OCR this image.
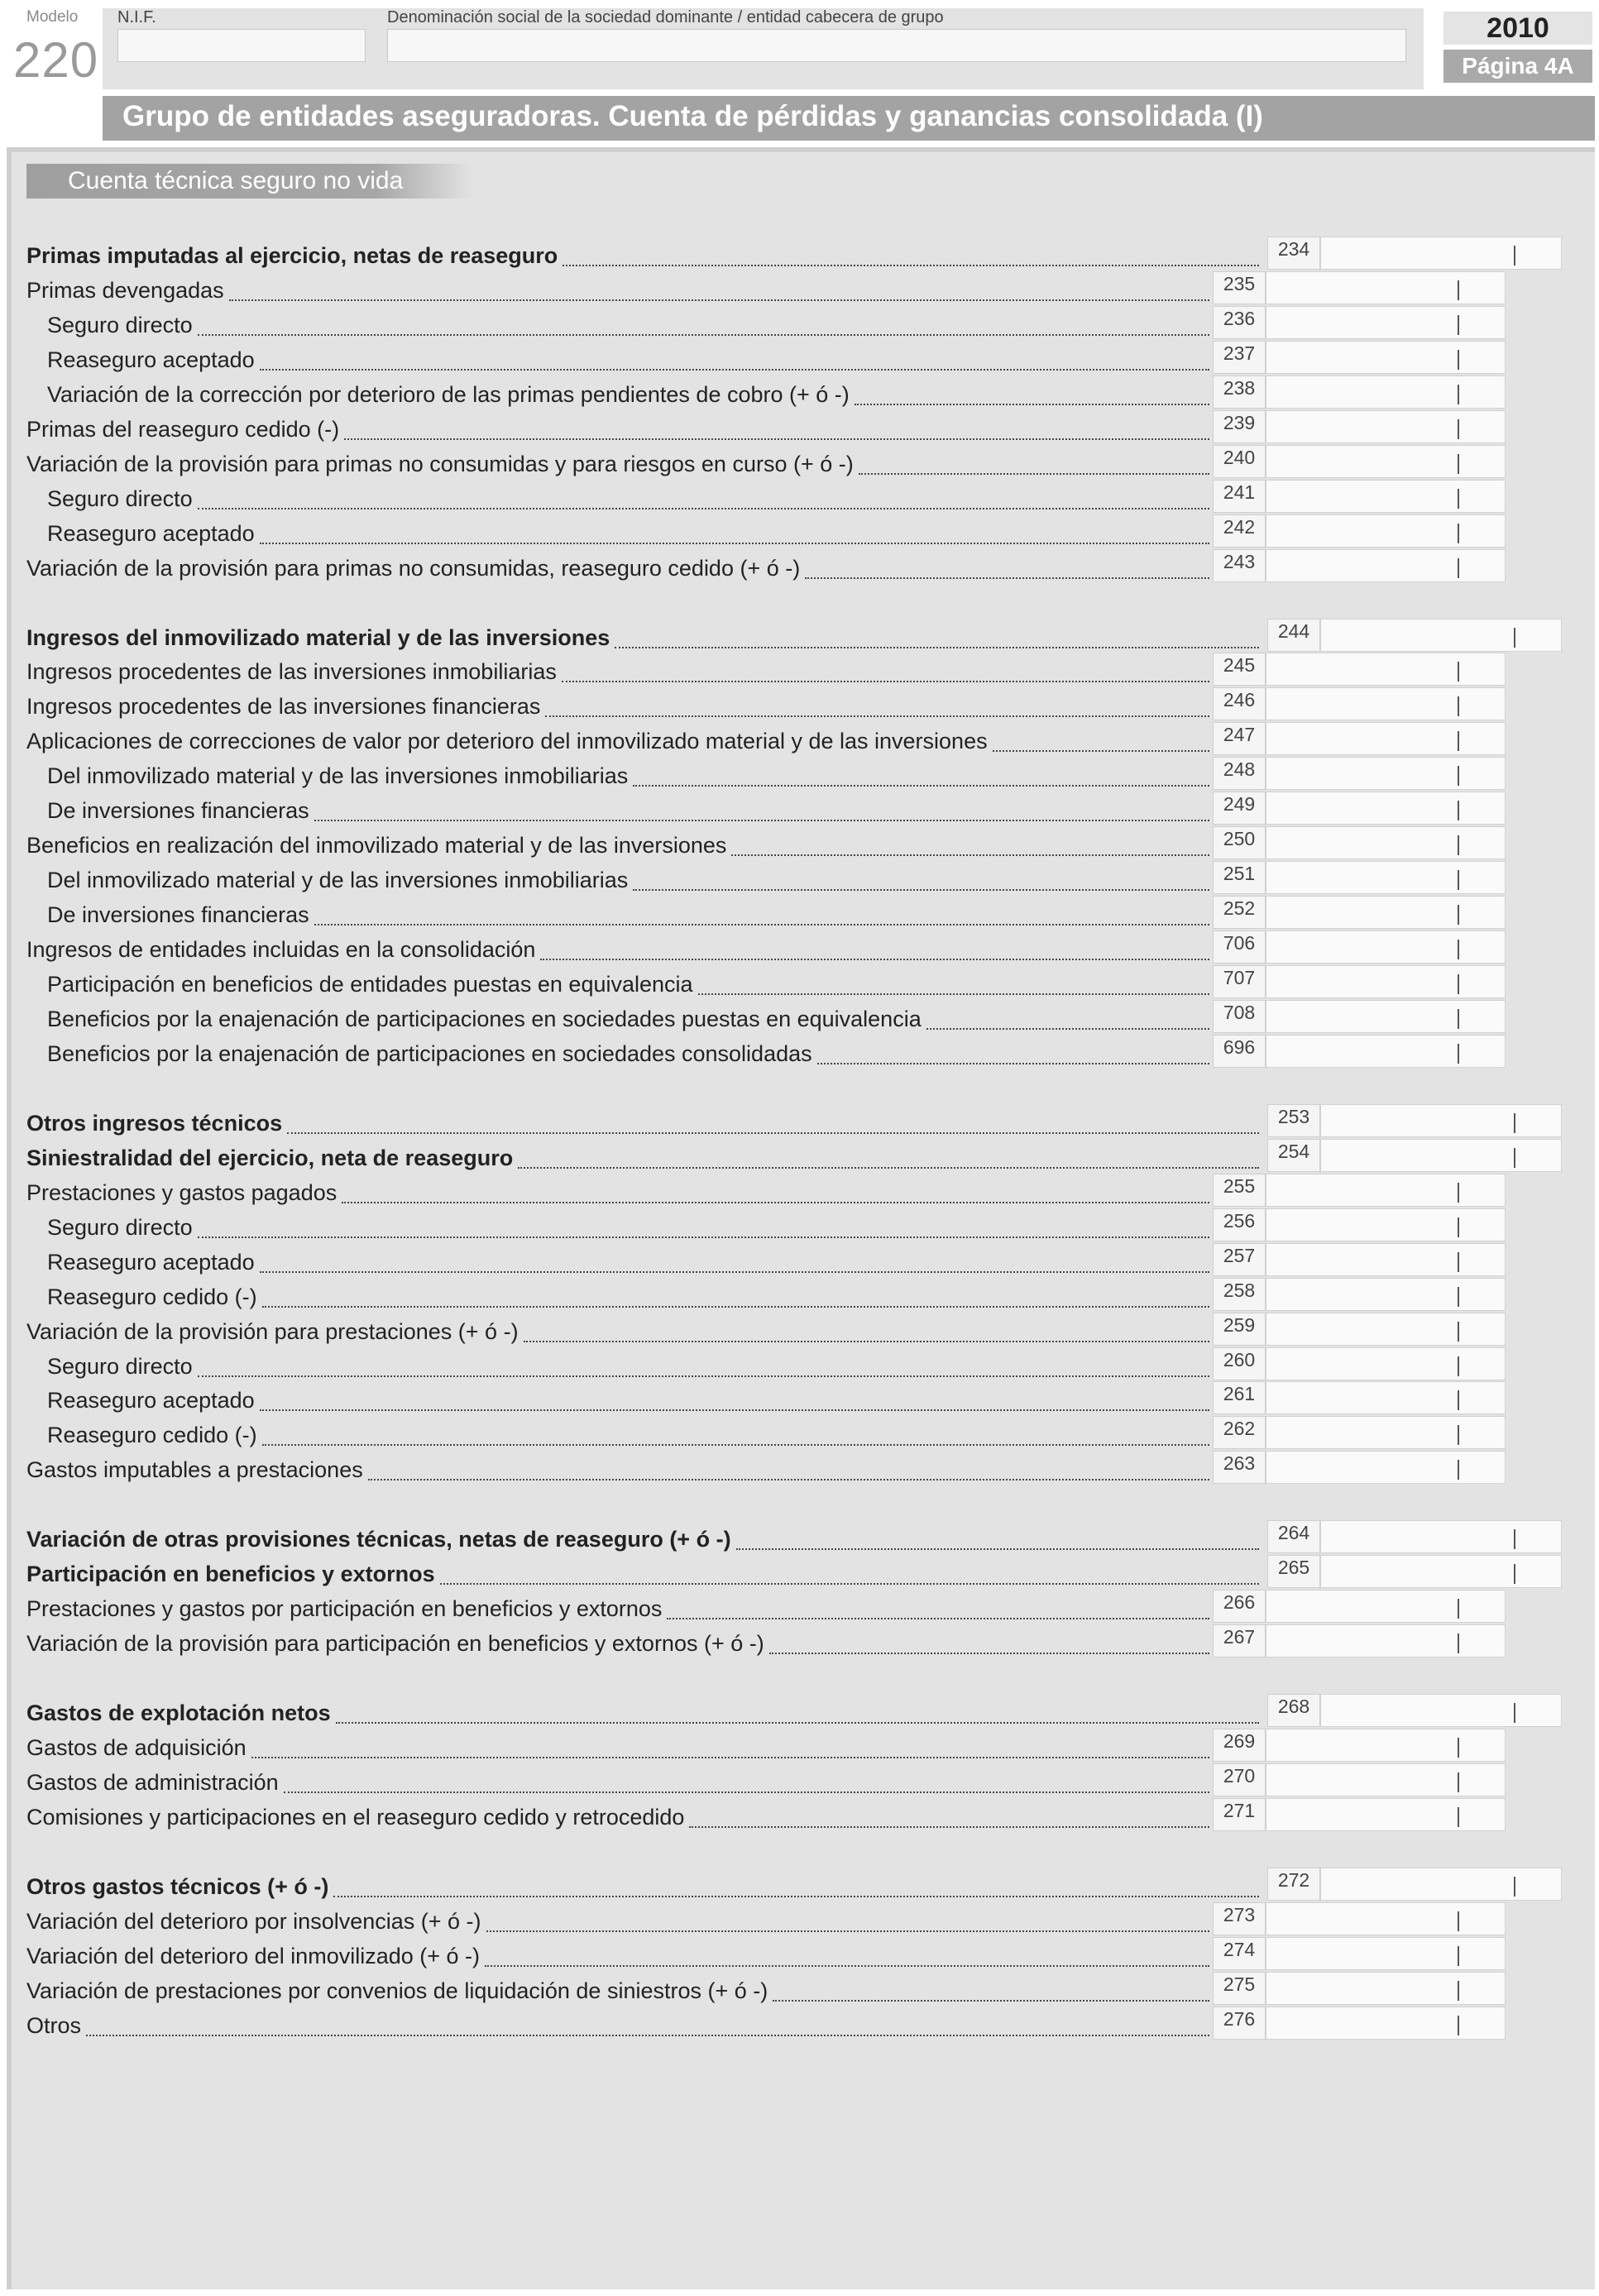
Modelo
220
N.I.F.	Denominación social de la sociedad dominante / entidad cabecera de grupo	2010
Página 4A
Grupo de entidades aseguradoras. Cuenta de pérdidas y ganancias consolidada (I)
Cuenta técnica seguro no vida
Primas imputadas al ejercicio, netas de reaseguro	234
Primas devengadas	235
Seguro directo	236
Reaseguro aceptado	237
Variación de la corrección por deterioro de las primas pendientes de cobro (+ ó -)	238
Primas del reaseguro cedido (-)	239
Variación de la provisión para primas no consumidas y para riesgos en curso (+ ó -)	240
Seguro directo	241
Reaseguro aceptado	242
Variación de la provisión para primas no consumidas, reaseguro cedido (+ ó -)	243
Ingresos del inmovilizado material y de las inversiones	244
Ingresos procedentes de las inversiones inmobiliarias	245
Ingresos procedentes de las inversiones financieras	246
Aplicaciones de correcciones de valor por deterioro del inmovilizado material y de las inversiones	247
Del inmovilizado material y de las inversiones inmobiliarias	248
De inversiones financieras	249
Beneficios en realización del inmovilizado material y de las inversiones	250
Del inmovilizado material y de las inversiones inmobiliarias	251
De inversiones financieras	252
Ingresos de entidades incluidas en la consolidación	706
Participación en beneficios de entidades puestas en equivalencia	707
Beneficios por la enajenación de participaciones en sociedades puestas en equivalencia	708
Beneficios por la enajenación de participaciones en sociedades consolidadas	696
Otros ingresos técnicos	253
Siniestralidad del ejercicio, neta de reaseguro	254
Prestaciones y gastos pagados	255
Seguro directo	256
Reaseguro aceptado	257
Reaseguro cedido (-)	258
Variación de la provisión para prestaciones (+ ó -)	259
Seguro directo	260
Reaseguro aceptado	261
Reaseguro cedido (-)	262
Gastos imputables a prestaciones	263
Variación de otras provisiones técnicas, netas de reaseguro (+ ó -)	264
Participación en beneficios y extornos	265
Prestaciones y gastos por participación en beneficios y extornos	266
Variación de la provisión para participación en beneficios y extornos (+ ó -)	267
Gastos de explotación netos	268
Gastos de adquisición	269
Gastos de administración	270
Comisiones y participaciones en el reaseguro cedido y retrocedido	271
Otros gastos técnicos (+ ó -)	272
Variación del deterioro por insolvencias (+ ó -)	273
Variación del deterioro del inmovilizado (+ ó -)	274
Variación de prestaciones por convenios de liquidación de siniestros (+ ó -)	275
Otros	276
